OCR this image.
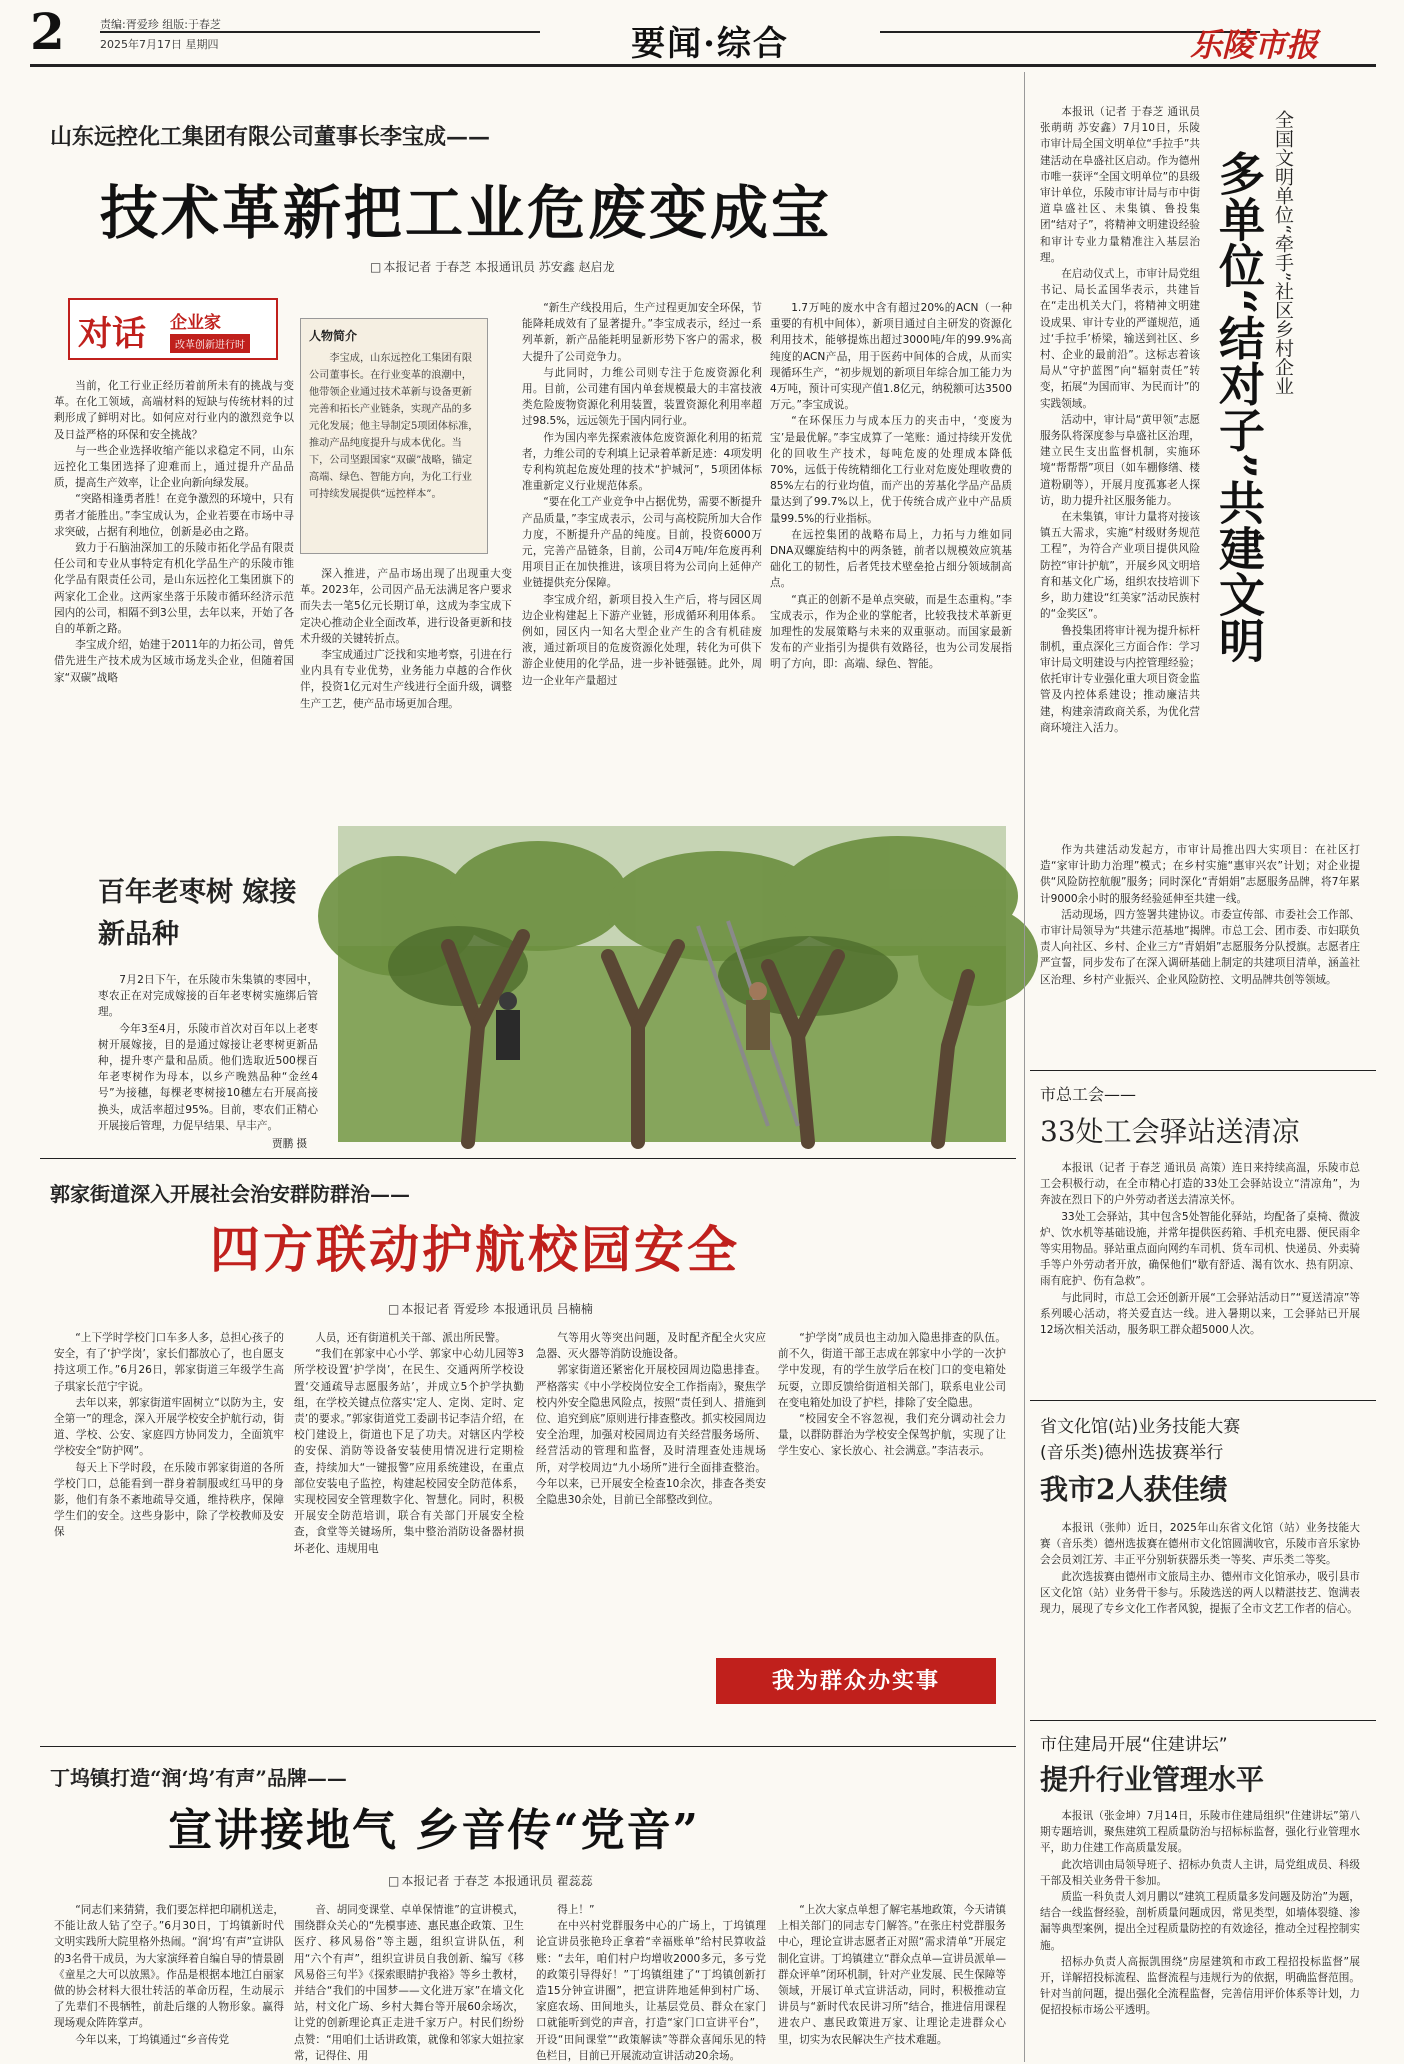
2	责编:胥爱珍 组版:于春芝
2025年7月17日 星期四	要闻·综合	乐陵市报
山东远控化工集团有限公司董事长李宝成——
技术革新把工业危废变成宝
□ 本报记者 于春芝 本报通讯员 苏安鑫 赵启龙
对话 企业家
改革创新进行时

当前，化工行业正经历着前所未有的挑战与变革。在化工领域，高端材料的短缺与传统材料的过剩形成了鲜明对比。如何应对行业内的激烈竞争以及日益严格的环保和安全挑战？

与一些企业选择收缩产能以求稳定不同，山东远控化工集团选择了迎难而上，通过提升产品品质，提高生产效率，让企业向新向绿发展。

“突路相逢勇者胜！在竞争激烈的环境中，只有勇者才能胜出。”李宝成认为，企业若要在市场中寻求突破，占据有利地位，创新是必由之路。

致力于石脑油深加工的乐陵市拓化学品有限责任公司和专业从事特定有机化学品生产的乐陵市锥化学品有限责任公司，是山东远控化工集团旗下的两家化工企业。这两家坐落于乐陵市循环经济示范园内的公司，相隔不到3公里，去年以来，开始了各自的革新之路。

李宝成介绍，始建于2011年的力拓公司，曾凭借先进生产技术成为区域市场龙头企业，但随着国家“双碳”战略

人物简介
李宝成，山东远控化工集团有限公司董事长。在行业变革的浪潮中，他带领企业通过技术革新与设备更新完善和拓长产业链条，实现产品的多元化发展；他主导制定5项团体标准，推动产品纯度提升与成本优化。当下，公司坚跟国家“双碳”战略，锚定高端、绿色、智能方向，为化工行业可持续发展提供“远控样本”。

深入推进，产品市场出现了出现重大变革。2023年，公司因产品无法满足客户要求而失去一笔5亿元长期订单，这成为李宝成下定决心推动企业全面改革，进行设备更新和技术升级的关键转折点。

李宝成通过广泛找和实地考察，引进在行业内具有专业优势，业务能力卓越的合作伙伴，投资1亿元对生产线进行全面升级，调整生产工艺，使产品市场更加合理。

“新生产线投用后，生产过程更加安全环保，节能降耗成效有了显著提升。”李宝成表示，经过一系列革新，新产品能耗明显新形势下客户的需求，极大提升了公司竞争力。

与此同时，力维公司则专注于危废资源化利用。目前，公司建有国内单套规模最大的丰富技液类危险废物资源化利用装置，装置资源化利用率超过98.5%，远远领先于国内同行业。

作为国内率先探索液体危废资源化利用的拓荒者，力维公司的专利填上记录着革新足迹：4项发明专利构筑起危废处理的技术“护城河”，5项团体标准重新定义行业规范体系。

“要在化工产业竞争中占据优势，需要不断提升产品质量，”李宝成表示，公司与高校院所加大合作力度，不断提升产品的纯度。目前，投资6000万元，完善产品链条，目前，公司4万吨/年危废再利用项目正在加快推进，该项目将为公司向上延伸产业链提供充分保障。

李宝成介绍，新项目投入生产后，将与园区周边企业构建起上下游产业链，形成循环利用体系。例如，园区内一知名大型企业产生的含有机硅废液，通过新项目的危废资源化处理，转化为可供下游企业使用的化学品，进一步补链强链。此外，周边一企业年产量超过

1.7万吨的废水中含有超过20%的ACN（一种重要的有机中间体），新项目通过自主研发的资源化利用技术，能够提炼出超过3000吨/年的99.9%高纯度的ACN产品，用于医药中间体的合成，从而实现循环生产，“初步规划的新项目年综合加工能力为4万吨，预计可实现产值1.8亿元，纳税额可达3500万元。”李宝成说。

“在环保压力与成本压力的夹击中，‘变废为宝’是最优解。”李宝成算了一笔账：通过持续开发优化的回收生产技术，每吨危废的处理成本降低70%，远低于传统精细化工行业对危废处理收费的85%左右的行业均值，而产出的芳基化学品产品质量达到了99.7%以上，优于传统合成产业中产品质量99.5%的行业指标。

在远控集团的战略布局上，力拓与力维如同DNA双螺旋结构中的两条链，前者以规模效应筑基础化工的韧性，后者凭技术壁垒抢占细分领域制高点。

“真正的创新不是单点突破，而是生态重构。”李宝成表示，作为企业的掌舵者，比较我技术革新更加理性的发展策略与未来的双重驱动。而国家最新发布的产业指引为提供有效路径，也为公司发展指明了方向，即：高端、绿色、智能。

百年老枣树 嫁接新品种

7月2日下午，在乐陵市朱集镇的枣园中，枣农正在对完成嫁接的百年老枣树实施绑后管理。

今年3至4月，乐陵市首次对百年以上老枣树开展嫁接，目的是通过嫁接让老枣树更新品种，提升枣产量和品质。他们选取近500棵百年老枣树作为母本，以乡产晚熟品种“金丝4号”为接穗，每棵老枣树接10穗左右开展高接换头，成活率超过95%。目前，枣农们正精心开展接后管理，力促早结果、早丰产。

贾鹏 摄
全国文明单位“牵手”社区乡村企业
多单位“结对子”共建文明

本报讯（记者 于春芝 通讯员 张萌萌 苏安鑫）7月10日，乐陵市审计局全国文明单位“手拉手”共建活动在阜盛社区启动。作为德州市唯一获评“全国文明单位”的县级审计单位，乐陵市审计局与市中街道阜盛社区、未集镇、鲁投集团“结对子”，将精神文明建设经验和审计专业力量精准注入基层治理。

在启动仪式上，市审计局党组书记、局长孟国华表示，共建旨在“走出机关大门，将精神文明建设成果、审计专业的严谨规范，通过‘手拉手’桥梁，输送到社区、乡村、企业的最前沿”。这标志着该局从“守护蓝图”向“辐射责任”转变，拓展“为国而审、为民而计”的实践领域。

活动中，审计局“黄甲领”志愿服务队将深度参与阜盛社区治理，建立民生支出监督机制，实施环境“帮帮帮”项目（如车棚修缮、楼道粉刷等），开展月度孤寡老人探访，助力提升社区服务能力。

在未集镇，审计力量将对接该镇五大需求，实施“村级财务规范工程”，为符合产业项目提供风险防控“审计护航”，开展乡风文明培育和基文化广场，组织农技培训下乡，助力建设“红美家”活动民族村的“金奖区”。

鲁投集团将审计视为提升标杆制机，重点深化三方面合作：学习审计局文明建设与内控管理经验；依托审计专业强化重大项目资金监管及内控体系建设；推动廉洁共建，构建亲清政商关系，为优化营商环境注入活力。

作为共建活动发起方，市审计局推出四大实项目：在社区打造“家审计助力治理”模式；在乡村实施“惠审兴农”计划；对企业提供“风险防控航舰”服务；同时深化“青娟娟”志愿服务品牌，将7年累计9000余小时的服务经验延伸至共建一线。

活动现场，四方签署共建协议。市委宣传部、市委社会工作部、市审计局领导为“共建示范基地”揭牌。市总工会、团市委、市妇联负责人向社区、乡村、企业三方“青娟娟”志愿服务分队授旗。志愿者庄严宣誓，同步发布了在深入调研基础上制定的共建项目清单，涵盖社区治理、乡村产业振兴、企业风险防控、文明品牌共创等领域。

市总工会——
33处工会驿站送清凉

本报讯（记者 于春芝 通讯员 高策）连日来持续高温，乐陵市总工会积极行动，在全市精心打造的33处工会驿站设立“清凉角”，为奔波在烈日下的户外劳动者送去清凉关怀。

33处工会驿站，其中包含5处智能化驿站，均配备了桌椅、微波炉、饮水机等基础设施，并常年提供医药箱、手机充电器、便民雨伞等实用物品。驿站重点面向网约车司机、货车司机、快递员、外卖骑手等户外劳动者开放，确保他们“歇有舒适、渴有饮水、热有阴凉、雨有庇护、伤有急救”。

与此同时，市总工会还创新开展“工会驿站活动日”“夏送清凉”等系列暖心活动，将关爱直达一线。进入暑期以来，工会驿站已开展12场次相关活动，服务职工群众超5000人次。

省文化馆(站)业务技能大赛
(音乐类)德州选拔赛举行
我市2人获佳绩

本报讯（张帅）近日，2025年山东省文化馆（站）业务技能大赛（音乐类）德州选拔赛在德州市文化馆圆满收官，乐陵市音乐家协会会员刘江芳、丰正平分别斩获器乐类一等奖、声乐类二等奖。

此次选拔赛由德州市文旅局主办、德州市文化馆承办，吸引县市区文化馆（站）业务骨干参与。乐陵选送的两人以精湛技艺、饱满表现力，展现了专乡文化工作者风貌，提振了全市文艺工作者的信心。

市住建局开展“住建讲坛”
提升行业管理水平

本报讯（张金坤）7月14日，乐陵市住建局组织“住建讲坛”第八期专题培训，聚焦建筑工程质量防治与招标标监督，强化行业管理水平，助力住建工作高质量发展。

此次培训由局领导班子、招标办负责人主讲，局党组成员、科级干部及相关业务骨干参加。

质监一科负责人刘月鹏以“建筑工程质量多发问题及防治”为题，结合一线监督经验，剖析质量问题成因，常见类型，如墙体裂缝、渗漏等典型案例，提出全过程质量防控的有效途径，推动全过程控制实施。

招标办负责人高振凯围绕“房屋建筑和市政工程招投标监督”展开，详解招投标流程、监督流程与违规行为的依据，明确监督范围。针对当前问题，提出强化全流程监督，完善信用评价体系等计划，力促招投标市场公平透明。

郭家街道深入开展社会治安群防群治——
四方联动护航校园安全
□ 本报记者 胥爱珍 本报通讯员 吕楠楠

“上下学时学校门口车多人多，总担心孩子的安全，有了‘护学岗’，家长们都放心了，也自愿支持这项工作。”6月26日，郭家街道三年级学生高子琪家长范宁宇说。

去年以来，郭家街道牢固树立“以防为主，安全第一”的理念，深入开展学校安全护航行动，街道、学校、公安、家庭四方协同发力，全面筑牢学校安全“防护网”。

每天上下学时段，在乐陵市郭家街道的各所学校门口，总能看到一群身着制服或红马甲的身影，他们有条不紊地疏导交通，维持秩序，保障学生们的安全。这些身影中，除了学校教师及安保

人员，还有街道机关干部、派出所民警。

“我们在郭家中心小学、郭家中心幼儿园等3所学校设置‘护学岗’，在民生、交通两所学校设置‘交通疏导志愿服务站’，并成立5个护学执勤组，在学校关键点位落实‘定人、定岗、定时、定责’的要求。”郭家街道党工委副书记李洁介绍，在校门建设上，街道也下足了功夫。对辖区内学校的安保、消防等设备安装使用情况进行定期检查，持续加大“一键报警”应用系统建设，在重点部位安装电子监控，构建起校园安全防范体系，实现校园安全管理数字化、智慧化。同时，积极开展安全防范培训，联合有关部门开展安全检查，食堂等关键场所，集中整治消防设备器材损坏老化、违规用电

气等用火等突出问题，及时配齐配全火灾应急器、灭火器等消防设施设备。

郭家街道还紧密化开展校园周边隐患排查。严格落实《中小学校岗位安全工作指南》，聚焦学校内外安全隐患风险点，按照“责任到人、措施到位、追究到底”原则进行排查整改。抓实校园周边安全治理，加强对校园周边有关经营服务场所、经营活动的管理和监督，及时清理查处违规场所，对学校周边“九小场所”进行全面排查整治。今年以来，已开展安全检查10余次，排查各类安全隐患30余处，目前已全部整改到位。

“护学岗”成员也主动加入隐患排查的队伍。前不久，街道干部王志成在郭家中小学的一次护学中发现，有的学生放学后在校门口的变电箱处玩耍，立即反馈给街道相关部门，联系电业公司在变电箱处加设了护栏，排除了安全隐患。

“校园安全不容忽视，我们充分调动社会力量，以群防群治为学校安全保驾护航，实现了让学生安心、家长放心、社会满意。”李洁表示。

我为群众办实事
丁坞镇打造“润‘坞’有声”品牌——
宣讲接地气 乡音传“党音”
□ 本报记者 于春芝 本报通讯员 翟蕊蕊

“同志们来猜猜，我们要怎样把印刷机送走，不能让敌人钻了空子。”6月30日，丁坞镇新时代文明实践所大院里格外热闹。“润‘坞’有声”宣讲队的3名骨干成员，为大家演绎着自编自导的情景剧《童星之大可以放黑》。作品是根据本地江白丽家做的协会材料大很壮转活的革命历程，生动展示了先辈们不畏牺牲，前赴后继的人物形象。赢得现场观众阵阵掌声。

今年以来，丁坞镇通过“乡音传党

音、胡同变课堂、卓单保情谁”的宣讲模式，围绕群众关心的“先模事迹、惠民惠企政策、卫生医疗、移风易俗”等主题，组织宣讲队伍，利用“六个有声”，组织宣讲员自我创新、编写《移风易俗三句半》《探索眼睛护我裕》等乡土教材，并结合“我们的中国梦——文化进万家”在墙文化站，村文化广场、乡村大舞台等开展60余场次，让党的创新理论真正走进千家万户。村民们纷纷点赞：“用咱们土话讲政策，就像和邻家大姐拉家常，记得住、用

得上！”

在中兴村党群服务中心的广场上，丁坞镇理论宣讲员张艳玲正拿着“幸福账单”给村民算收益账：“去年，咱们村户均增收2000多元，多亏党的政策引导得好！”丁坞镇组建了“丁坞镇创新打造15分钟宣讲圈”，把宣讲阵地延伸到村广场、家庭农场、田间地头，让基层党员、群众在家门口就能听到党的声音，打造“家门口宣讲平台”，开设“田间课堂”“政策解读”等群众喜闻乐见的特色栏目，目前已开展流动宣讲活动20余场。

“上次大家点单想了解宅基地政策，今天请镇上相关部门的同志专门解答。”在张庄村党群服务中心，理论宣讲志愿者正对照“需求清单”开展定制化宣讲。丁坞镇建立“群众点单—宣讲员派单—群众评单”闭环机制，针对产业发展、民生保障等领域，开展订单式宣讲活动，同时，积极推动宣讲员与“新时代农民讲习所”结合，推进信用课程进农户、惠民政策进万家、让理论走进群众心里，切实为农民解决生产技术难题。
